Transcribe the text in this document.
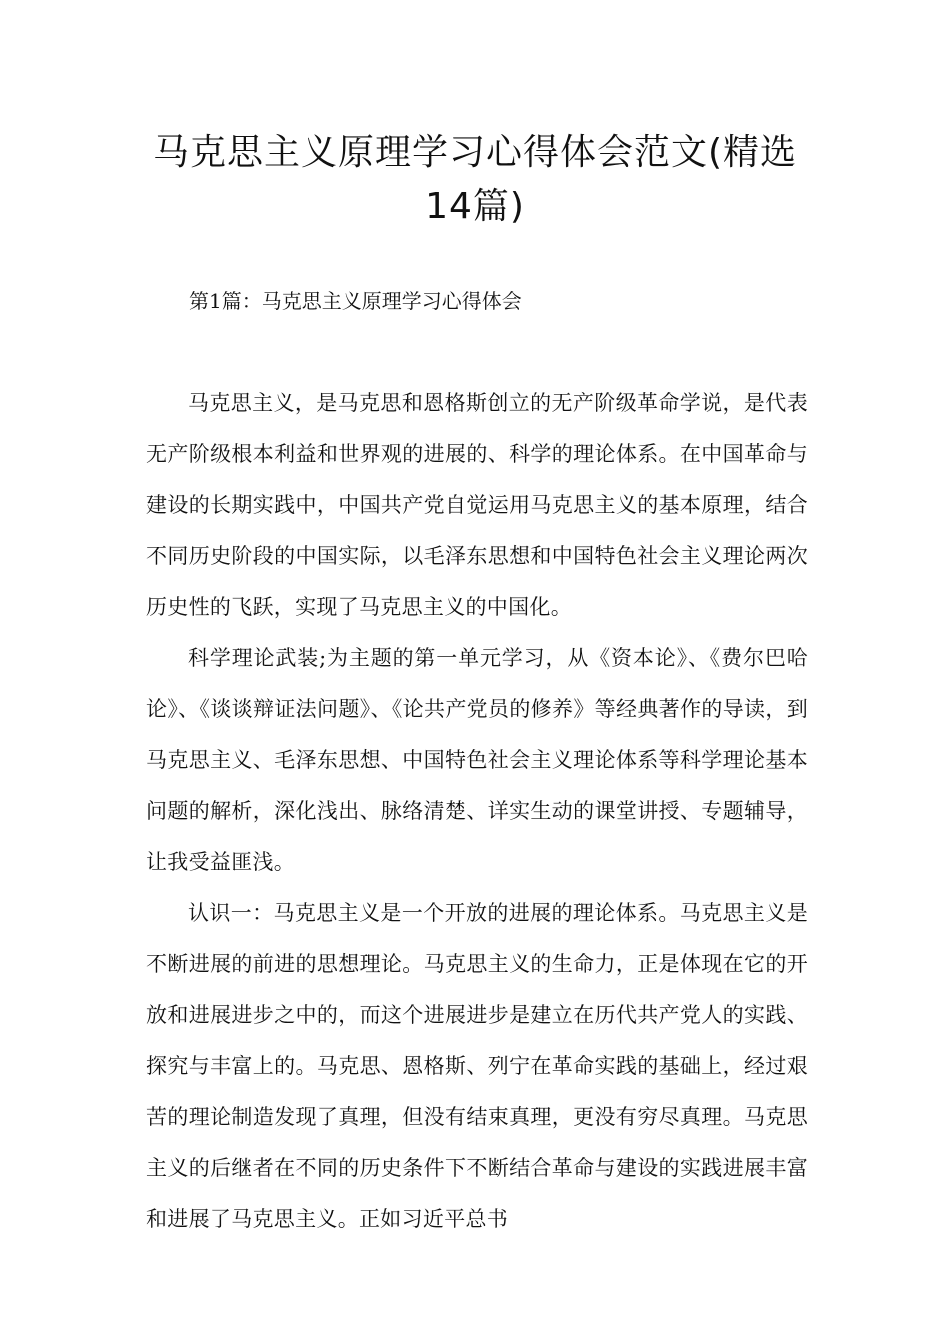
马克思主义原理学习心得体会范文(精选14篇)
第1篇：马克思主义原理学习心得体会

马克思主义，是马克思和恩格斯创立的无产阶级革命学说，是代表无产阶级根本利益和世界观的进展的、科学的理论体系。在中国革命与建设的长期实践中，中国共产党自觉运用马克思主义的基本原理，结合不同历史阶段的中国实际，以毛泽东思想和中国特色社会主义理论两次历史性的飞跃，实现了马克思主义的中国化。

科学理论武装;为主题的第一单元学习，从《资本论》、《费尔巴哈论》、《谈谈辩证法问题》、《论共产党员的修养》等经典著作的导读，到马克思主义、毛泽东思想、中国特色社会主义理论体系等科学理论基本问题的解析，深化浅出、脉络清楚、详实生动的课堂讲授、专题辅导，让我受益匪浅。

认识一：马克思主义是一个开放的进展的理论体系。马克思主义是不断进展的前进的思想理论。马克思主义的生命力，正是体现在它的开放和进展进步之中的，而这个进展进步是建立在历代共产党人的实践、探究与丰富上的。马克思、恩格斯、列宁在革命实践的基础上，经过艰苦的理论制造发现了真理，但没有结束真理，更没有穷尽真理。马克思主义的后继者在不同的历史条件下不断结合革命与建设的实践进展丰富和进展了马克思主义。正如习近平总书
